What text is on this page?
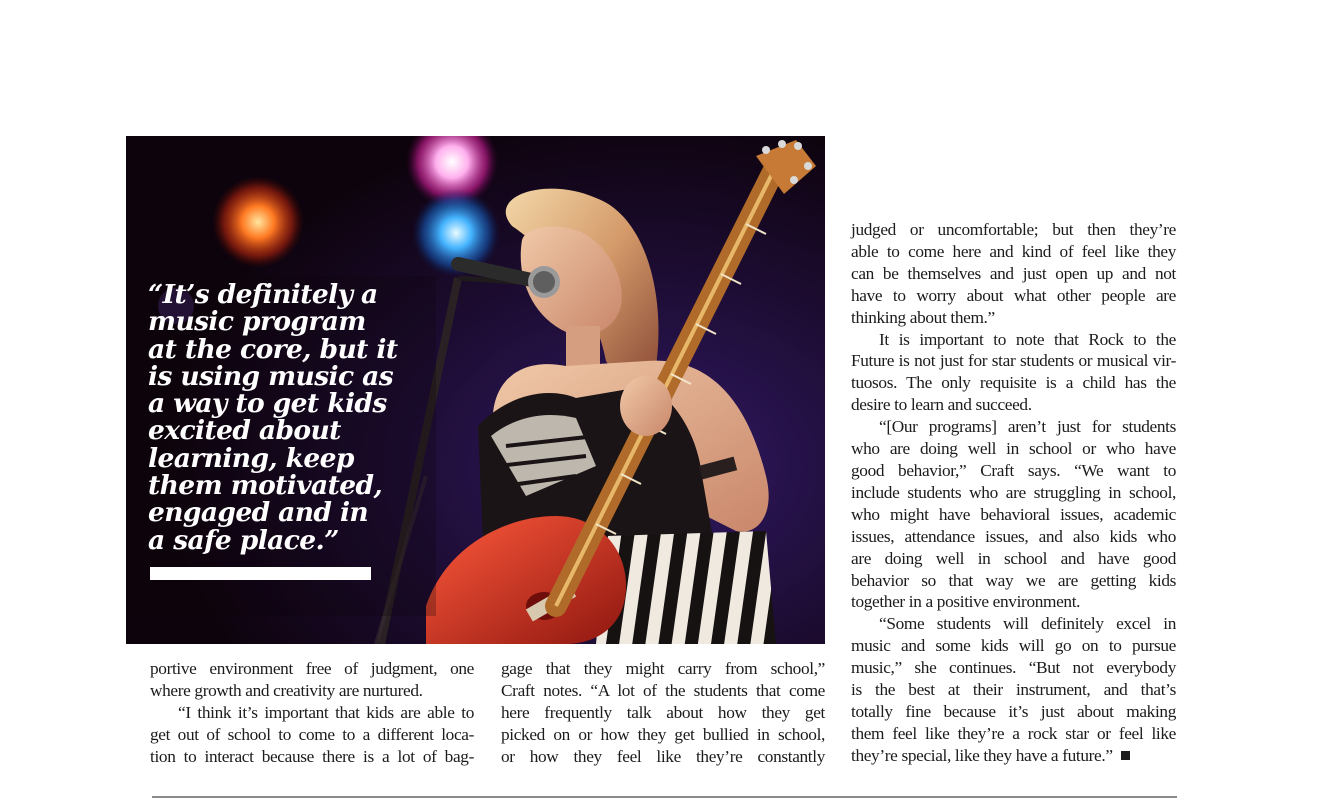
“It’s definitely a
music program
at the core, but it
is using music as
a way to get kids
excited about
learning, keep
them motivated,
engaged and in
a safe place.”

portive environment free of judgment, one

where growth and creativity are nurtured.

“I think it’s important that kids are able to

get out of school to come to a different loca-

tion to interact because there is a lot of bag-

gage that they might carry from school,”

Craft notes. “A lot of the students that come

here frequently talk about how they get

picked on or how they get bullied in school,

or how they feel like they’re constantly

judged or uncomfortable; but then they’re

able to come here and kind of feel like they

can be themselves and just open up and not

have to worry about what other people are

thinking about them.”

It is important to note that Rock to the

Future is not just for star students or musical vir-

tuosos. The only requisite is a child has the

desire to learn and succeed.

“[Our programs] aren’t just for students

who are doing well in school or who have

good behavior,” Craft says. “We want to

include students who are struggling in school,

who might have behavioral issues, academic

issues, attendance issues, and also kids who

are doing well in school and have good

behavior so that way we are getting kids

together in a positive environment.

“Some students will definitely excel in

music and some kids will go on to pursue

music,” she continues. “But not everybody

is the best at their instrument, and that’s

totally fine because it’s just about making

them feel like they’re a rock star or feel like

they’re special, like they have a future.”
